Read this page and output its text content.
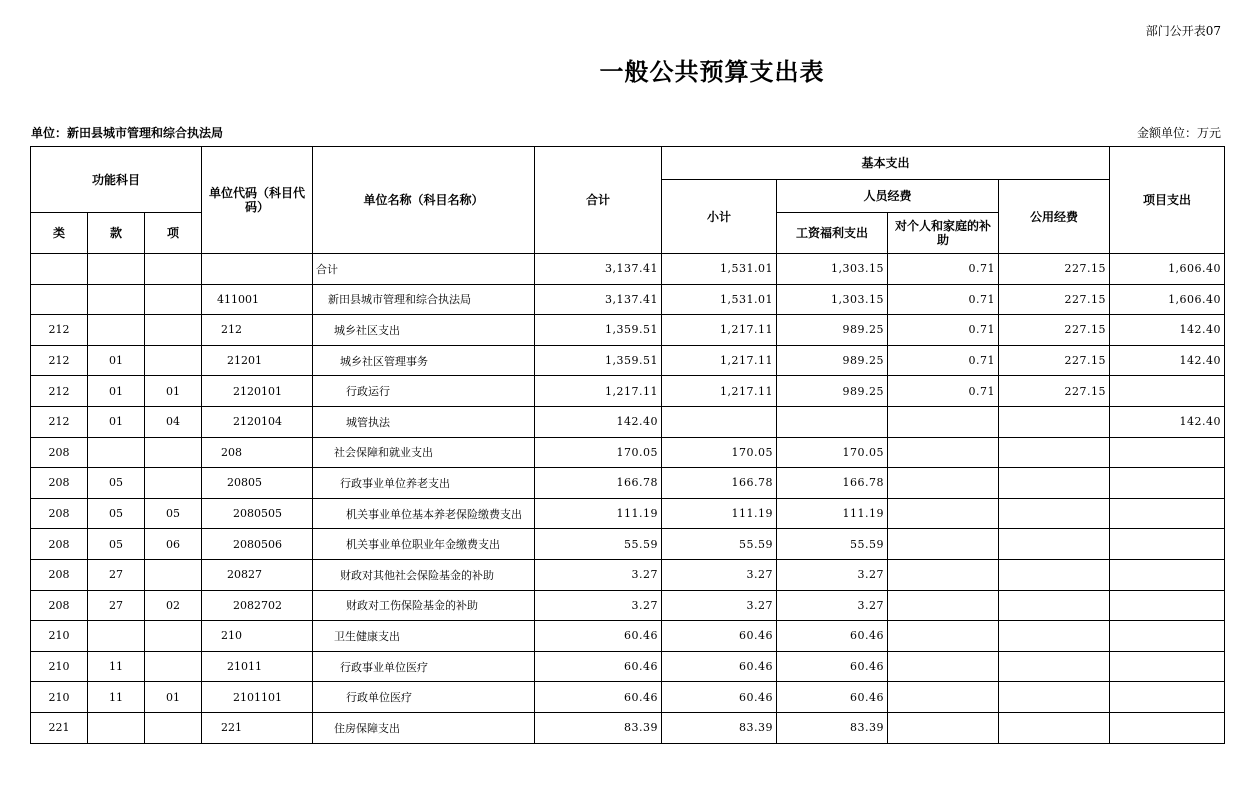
部门公开表07
一般公共预算支出表
单位：新田县城市管理和综合执法局	金额单位：万元
功能科目			单位代码（科目代码）	单位名称（科目名称）	合计	基本支出				项目支出
						小计	人员经费		公用经费	
类	款	项					工资福利支出	对个人和家庭的补助		
				合计	3,137.41	1,531.01	1,303.15	0.71	227.15	1,606.40
			411001	新田县城市管理和综合执法局	3,137.41	1,531.01	1,303.15	0.71	227.15	1,606.40
212			212	城乡社区支出	1,359.51	1,217.11	989.25	0.71	227.15	142.40
212	01		21201	城乡社区管理事务	1,359.51	1,217.11	989.25	0.71	227.15	142.40
212	01	01	2120101	行政运行	1,217.11	1,217.11	989.25	0.71	227.15	
212	01	04	2120104	城管执法	142.40					142.40
208			208	社会保障和就业支出	170.05	170.05	170.05			
208	05		20805	行政事业单位养老支出	166.78	166.78	166.78			
208	05	05	2080505	机关事业单位基本养老保险缴费支出	111.19	111.19	111.19			
208	05	06	2080506	机关事业单位职业年金缴费支出	55.59	55.59	55.59			
208	27		20827	财政对其他社会保险基金的补助	3.27	3.27	3.27			
208	27	02	2082702	财政对工伤保险基金的补助	3.27	3.27	3.27			
210			210	卫生健康支出	60.46	60.46	60.46			
210	11		21011	行政事业单位医疗	60.46	60.46	60.46			
210	11	01	2101101	行政单位医疗	60.46	60.46	60.46			
221			221	住房保障支出	83.39	83.39	83.39			
